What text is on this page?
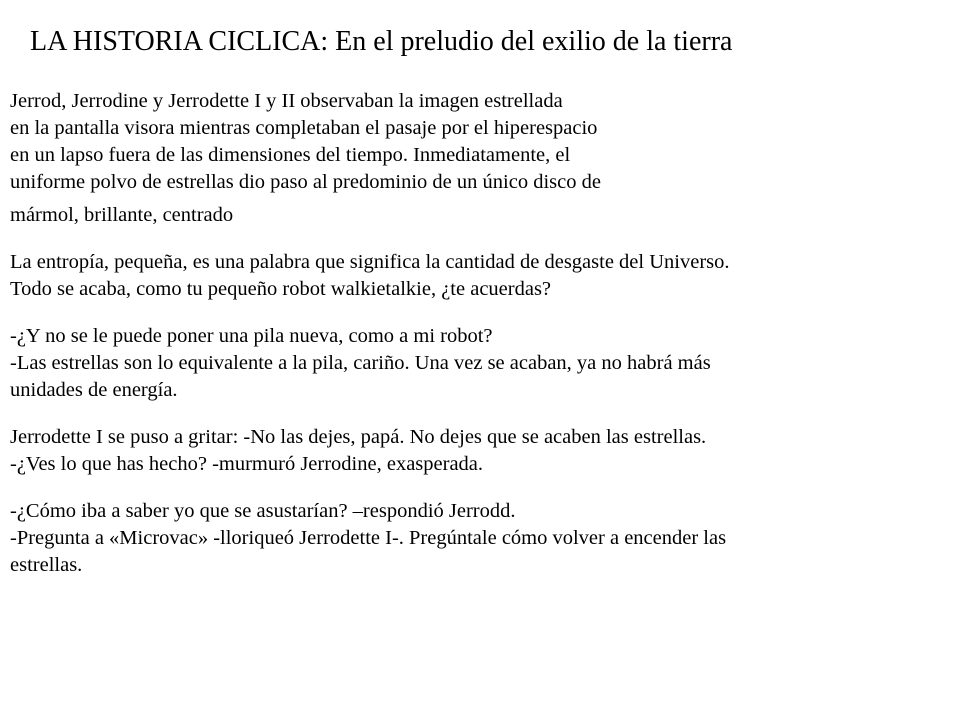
LA HISTORIA CICLICA: En el preludio del exilio de la tierra
Jerrod, Jerrodine y Jerrodette I y II observaban la imagen estrellada
en la pantalla visora mientras completaban el pasaje por el hiperespacio
en un lapso fuera de las dimensiones del tiempo. Inmediatamente, el
uniforme polvo de estrellas dio paso al predominio de un único disco de
mármol, brillante, centrado
La entropía, pequeña, es una palabra que significa la cantidad de desgaste del Universo.
Todo se acaba, como tu pequeño robot walkietalkie, ¿te acuerdas?
-¿Y no se le puede poner una pila nueva, como a mi robot?
-Las estrellas son lo equivalente a la pila, cariño. Una vez se acaban, ya no habrá más
unidades de energía.
Jerrodette I se puso a gritar: -No las dejes, papá. No dejes que se acaben las estrellas.
-¿Ves lo que has hecho? -murmuró Jerrodine, exasperada.
-¿Cómo iba a saber yo que se asustarían? –respondió Jerrodd.
-Pregunta a «Microvac» -lloriqueó Jerrodette I-. Pregúntale cómo volver a encender las
estrellas.
